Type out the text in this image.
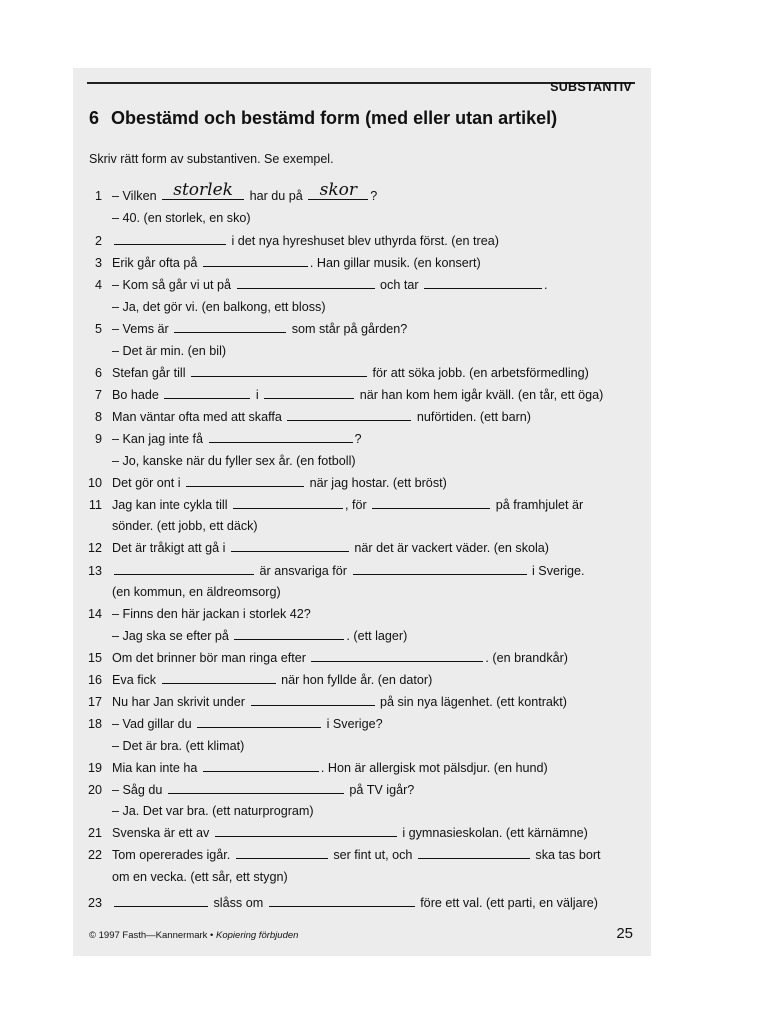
SUBSTANTIV
6 Obestämd och bestämd form (med eller utan artikel)
Skriv rätt form av substantiven. Se exempel.
1 – Vilken storlek	har du på skor	?
– 40. (en storlek, en sko)
2	i det nya hyreshuset blev uthyrda först. (en trea)
3 Erik går ofta på	. Han gillar musik. (en konsert)
4 – Kom så går vi ut på	och tar	.
– Ja, det gör vi. (en balkong, ett bloss)
5 – Vems är	som står på gården?
– Det är min. (en bil)
6 Stefan går till	för att söka jobb. (en arbetsförmedling)
7 Bo hade	i	när han kom hem igår kväll. (en tår, ett öga)
8 Man väntar ofta med att skaffa	nuförtiden. (ett barn)
9 – Kan jag inte få	?
– Jo, kanske när du fyller sex år. (en fotboll)
10 Det gör ont i	när jag hostar. (ett bröst)
11 Jag kan inte cykla till	, för	på framhjulet är
sönder. (ett jobb, ett däck)
12 Det är tråkigt att gå i	när det är vackert väder. (en skola)
13	är ansvariga för	i Sverige.
(en kommun, en äldreomsorg)
14 – Finns den här jackan i storlek 42?
– Jag ska se efter på	. (ett lager)
15 Om det brinner bör man ringa efter	. (en brandkår)
16 Eva fick	när hon fyllde år. (en dator)
17 Nu har Jan skrivit under	på sin nya lägenhet. (ett kontrakt)
18 – Vad gillar du	i Sverige?
– Det är bra. (ett klimat)
19 Mia kan inte ha	. Hon är allergisk mot pälsdjur. (en hund)
20 – Såg du	på TV igår?
– Ja. Det var bra. (ett naturprogram)
21 Svenska är ett av	i gymnasieskolan. (ett kärnämne)
22 Tom opererades igår.	ser fint ut, och	ska tas bort
om en vecka. (ett sår, ett stygn)
23	slåss om	före ett val. (ett parti, en väljare)
© 1997 Fasth—Kannermark • Kopiering förbjuden	25
